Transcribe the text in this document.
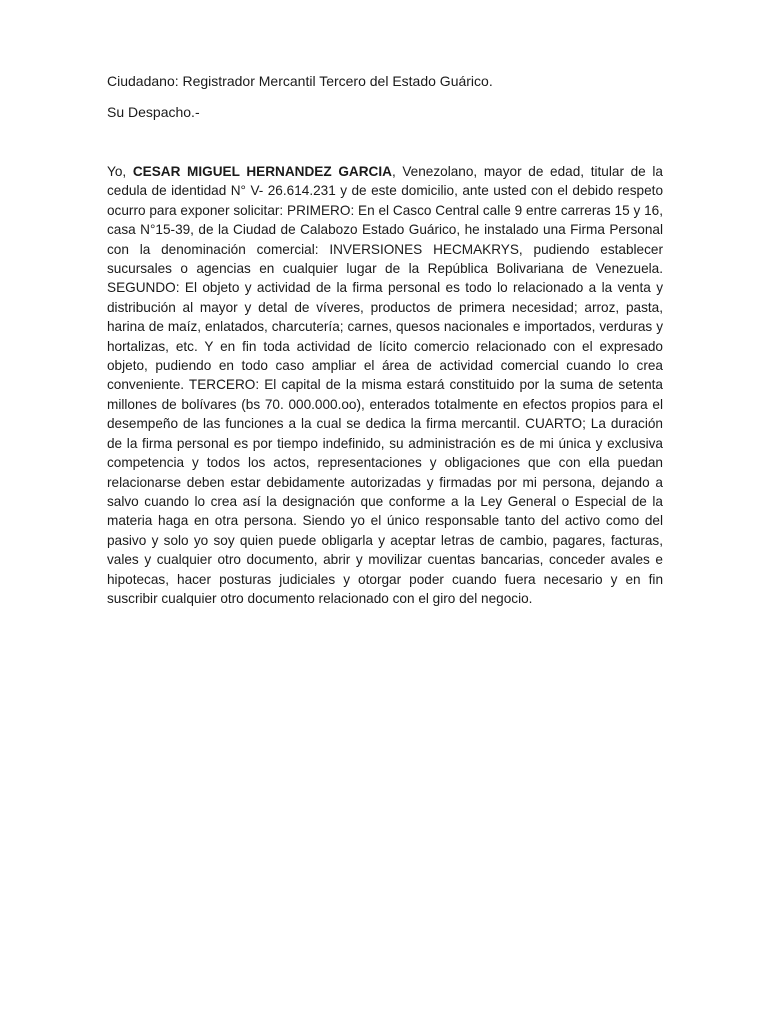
Ciudadano: Registrador Mercantil Tercero del Estado Guárico.
Su Despacho.-

Yo, CESAR MIGUEL HERNANDEZ GARCIA, Venezolano, mayor de edad, titular de la cedula de identidad N° V- 26.614.231 y de este domicilio, ante usted con el debido respeto ocurro para exponer solicitar: PRIMERO: En el Casco Central calle 9 entre carreras 15 y 16, casa N°15-39, de la Ciudad de Calabozo Estado Guárico, he instalado una Firma Personal con la denominación comercial: INVERSIONES HECMAKRYS, pudiendo establecer sucursales o agencias en cualquier lugar de la República Bolivariana de Venezuela. SEGUNDO: El objeto y actividad de la firma personal es todo lo relacionado a la venta y distribución al mayor y detal de víveres, productos de primera necesidad; arroz, pasta, harina de maíz, enlatados, charcutería; carnes, quesos nacionales e importados, verduras y hortalizas, etc. Y en fin toda actividad de lícito comercio relacionado con el expresado objeto, pudiendo en todo caso ampliar el área de actividad comercial cuando lo crea conveniente. TERCERO: El capital de la misma estará constituido por la suma de setenta millones de bolívares (bs 70. 000.000.oo), enterados totalmente en efectos propios para el desempeño de las funciones a la cual se dedica la firma mercantil. CUARTO; La duración de la firma personal es por tiempo indefinido, su administración es de mi única y exclusiva competencia y todos los actos, representaciones y obligaciones que con ella puedan relacionarse deben estar debidamente autorizadas y firmadas por mi persona, dejando a salvo cuando lo crea así la designación que conforme a la Ley General o Especial de la materia haga en otra persona. Siendo yo el único responsable tanto del activo como del pasivo y solo yo soy quien puede obligarla y aceptar letras de cambio, pagares, facturas, vales y cualquier otro documento, abrir y movilizar cuentas bancarias, conceder avales e hipotecas, hacer posturas judiciales y otorgar poder cuando fuera necesario y en fin suscribir cualquier otro documento relacionado con el giro del negocio.
